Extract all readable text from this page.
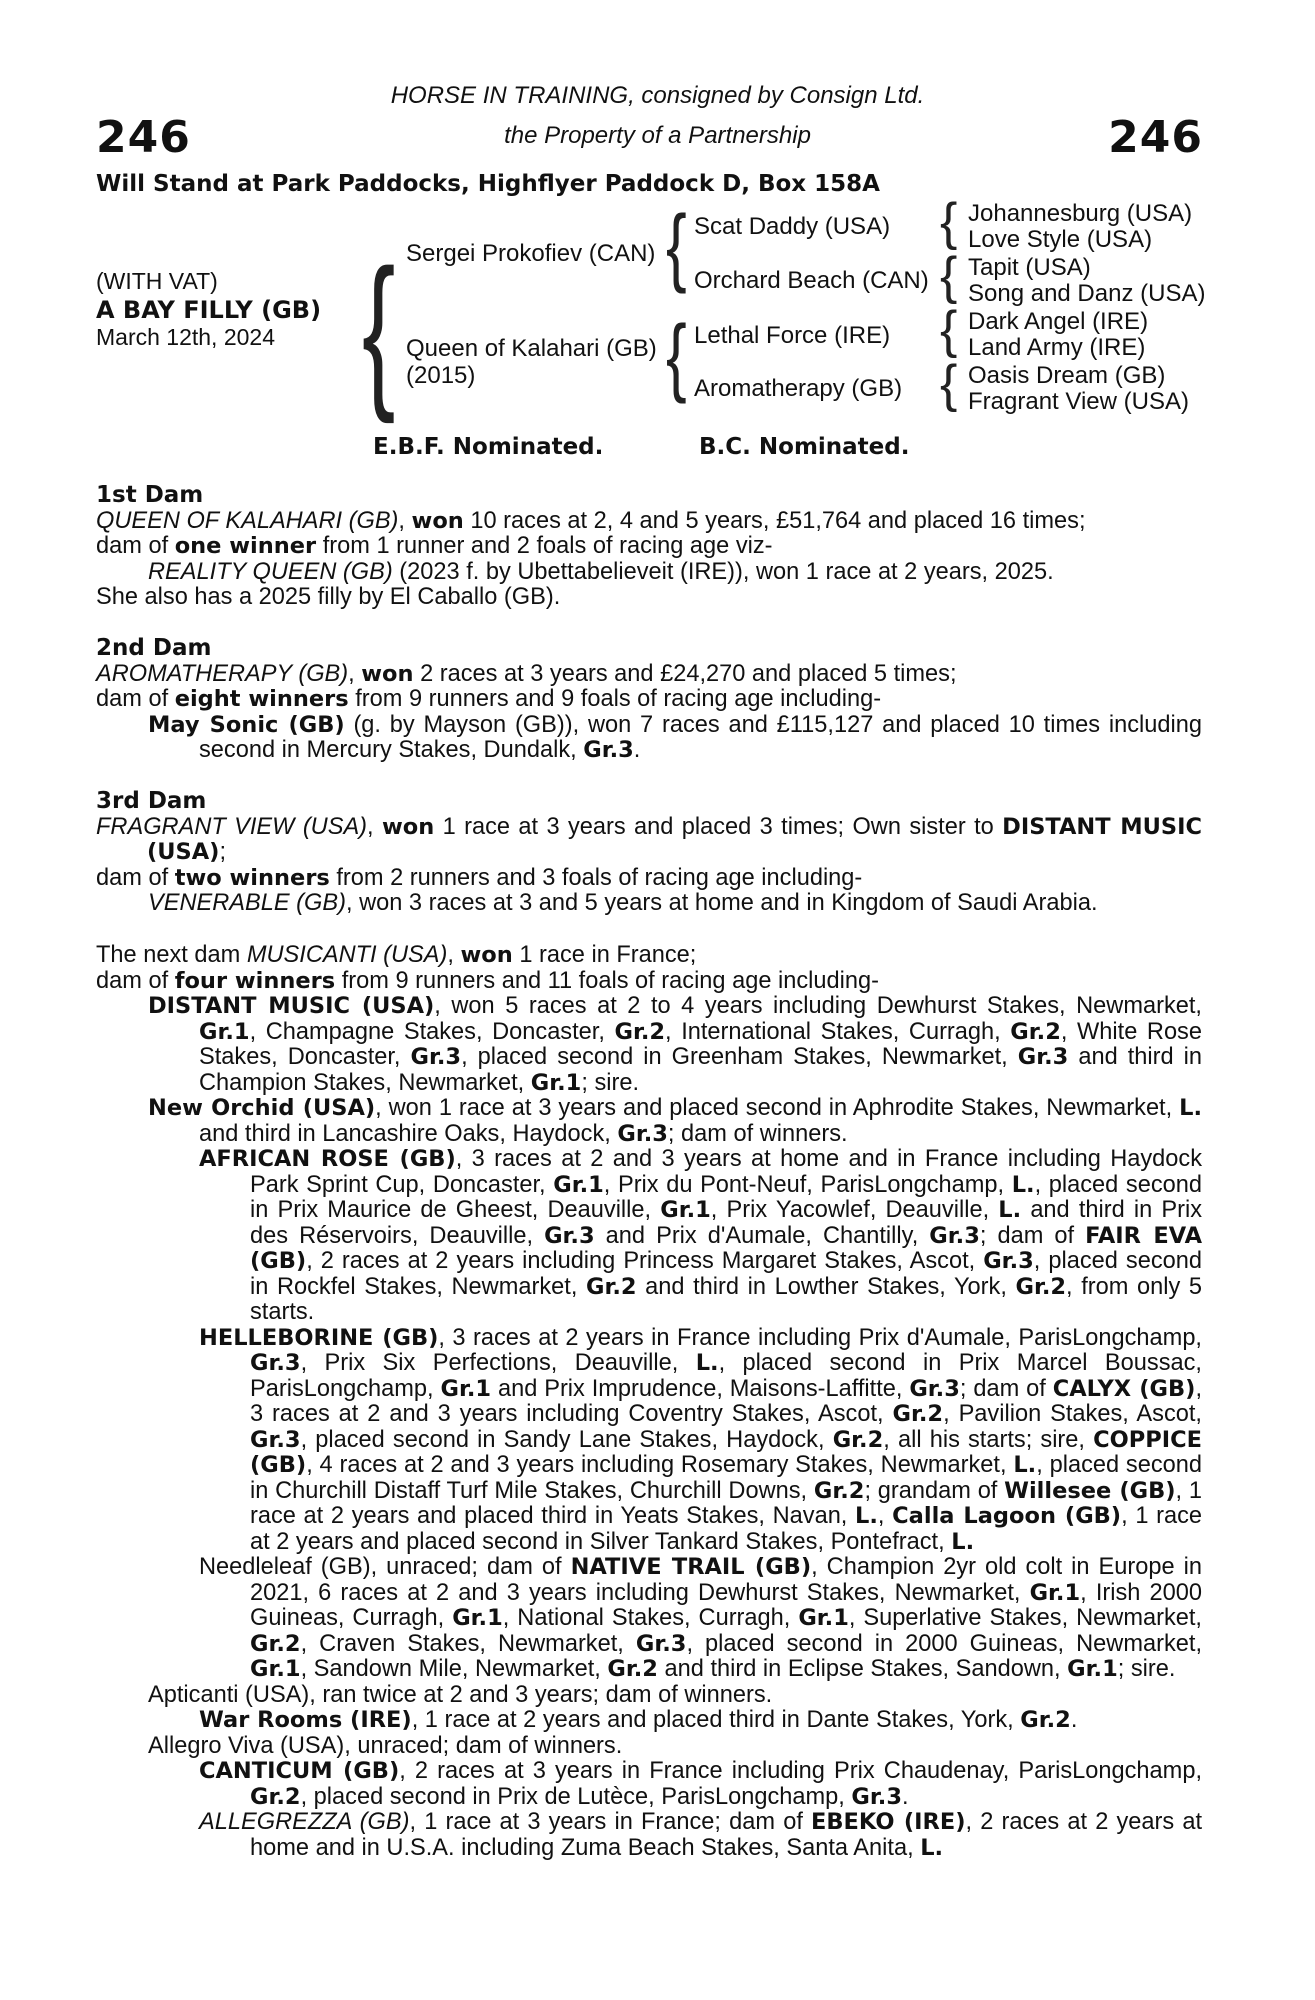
246	246
HORSE IN TRAINING, consigned by Consign Ltd.
the Property of a Partnership
Will Stand at Park Paddocks, Highflyer Paddock D, Box 158A
(WITH VAT)
A BAY FILLY (GB)
March 12th, 2024 { Sergei Prokofiev (CAN)
Queen of Kalahari (GB)
(2015)
{
{
Scat Daddy (USA)
Orchard Beach (CAN)
Lethal Force (IRE)
Aromatherapy (GB)
{
{
{
{
Johannesburg (USA)
Love Style (USA)
Tapit (USA)
Song and Danz (USA)
Dark Angel (IRE)
Land Army (IRE)
Oasis Dream (GB)
Fragrant View (USA)
E.B.F. Nominated.	B.C. Nominated.

1st Dam

QUEEN OF KALAHARI (GB), won 10 races at 2, 4 and 5 years, £51,764 and placed 16 times;

dam of one winner from 1 runner and 2 foals of racing age viz-

REALITY QUEEN (GB) (2023 f. by Ubettabelieveit (IRE)), won 1 race at 2 years, 2025.

She also has a 2025 filly by El Caballo (GB).

2nd Dam

AROMATHERAPY (GB), won 2 races at 3 years and £24,270 and placed 5 times;

dam of eight winners from 9 runners and 9 foals of racing age including-

May Sonic (GB) (g. by Mayson (GB)), won 7 races and £115,127 and placed 10 times including second in Mercury Stakes, Dundalk, Gr.3.

3rd Dam

FRAGRANT VIEW (USA), won 1 race at 3 years and placed 3 times; Own sister to DISTANT MUSIC (USA);

dam of two winners from 2 runners and 3 foals of racing age including-

VENERABLE (GB), won 3 races at 3 and 5 years at home and in Kingdom of Saudi Arabia.

The next dam MUSICANTI (USA), won 1 race in France;

dam of four winners from 9 runners and 11 foals of racing age including-

DISTANT MUSIC (USA), won 5 races at 2 to 4 years including Dewhurst Stakes, Newmarket, Gr.1, Champagne Stakes, Doncaster, Gr.2, International Stakes, Curragh, Gr.2, White Rose Stakes, Doncaster, Gr.3, placed second in Greenham Stakes, Newmarket, Gr.3 and third in Champion Stakes, Newmarket, Gr.1; sire.

New Orchid (USA), won 1 race at 3 years and placed second in Aphrodite Stakes, Newmarket, L. and third in Lancashire Oaks, Haydock, Gr.3; dam of winners.

AFRICAN ROSE (GB), 3 races at 2 and 3 years at home and in France including Haydock Park Sprint Cup, Doncaster, Gr.1, Prix du Pont-Neuf, ParisLongchamp, L., placed second in Prix Maurice de Gheest, Deauville, Gr.1, Prix Yacowlef, Deauville, L. and third in Prix des Réservoirs, Deauville, Gr.3 and Prix d'Aumale, Chantilly, Gr.3; dam of FAIR EVA (GB), 2 races at 2 years including Princess Margaret Stakes, Ascot, Gr.3, placed second in Rockfel Stakes, Newmarket, Gr.2 and third in Lowther Stakes, York, Gr.2, from only 5 starts.

HELLEBORINE (GB), 3 races at 2 years in France including Prix d'Aumale, ParisLongchamp, Gr.3, Prix Six Perfections, Deauville, L., placed second in Prix Marcel Boussac, ParisLongchamp, Gr.1 and Prix Imprudence, Maisons-Laffitte, Gr.3; dam of CALYX (GB), 3 races at 2 and 3 years including Coventry Stakes, Ascot, Gr.2, Pavilion Stakes, Ascot, Gr.3, placed second in Sandy Lane Stakes, Haydock, Gr.2, all his starts; sire, COPPICE (GB), 4 races at 2 and 3 years including Rosemary Stakes, Newmarket, L., placed second in Churchill Distaff Turf Mile Stakes, Churchill Downs, Gr.2; grandam of Willesee (GB), 1 race at 2 years and placed third in Yeats Stakes, Navan, L., Calla Lagoon (GB), 1 race at 2 years and placed second in Silver Tankard Stakes, Pontefract, L.

Needleleaf (GB), unraced; dam of NATIVE TRAIL (GB), Champion 2yr old colt in Europe in 2021, 6 races at 2 and 3 years including Dewhurst Stakes, Newmarket, Gr.1, Irish 2000 Guineas, Curragh, Gr.1, National Stakes, Curragh, Gr.1, Superlative Stakes, Newmarket, Gr.2, Craven Stakes, Newmarket, Gr.3, placed second in 2000 Guineas, Newmarket, Gr.1, Sandown Mile, Newmarket, Gr.2 and third in Eclipse Stakes, Sandown, Gr.1; sire.

Apticanti (USA), ran twice at 2 and 3 years; dam of winners.

War Rooms (IRE), 1 race at 2 years and placed third in Dante Stakes, York, Gr.2.

Allegro Viva (USA), unraced; dam of winners.

CANTICUM (GB), 2 races at 3 years in France including Prix Chaudenay, ParisLongchamp, Gr.2, placed second in Prix de Lutèce, ParisLongchamp, Gr.3.

ALLEGREZZA (GB), 1 race at 3 years in France; dam of EBEKO (IRE), 2 races at 2 years at home and in U.S.A. including Zuma Beach Stakes, Santa Anita, L.
